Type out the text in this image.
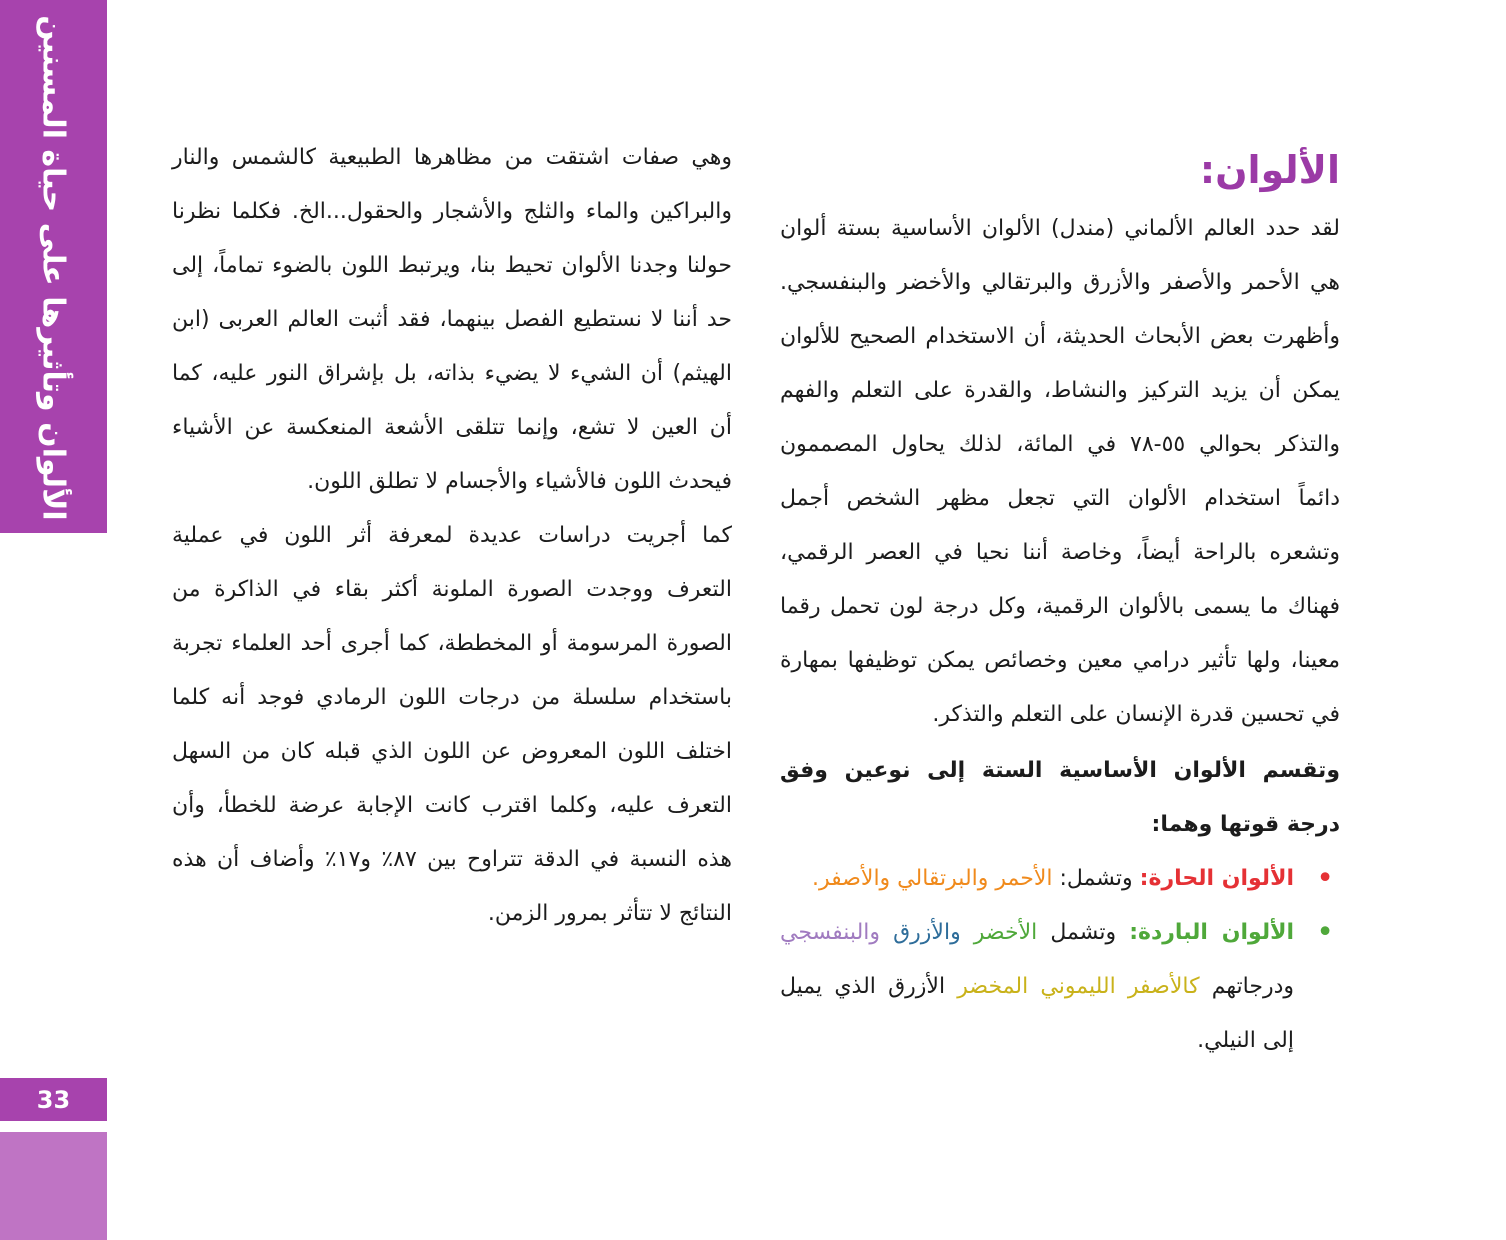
الألوان وتأثيرها على حياة المسنين
33
الألوان:

لقد حدد العالم الألماني (مندل) الألوان الأساسية بستة ألوان هي الأحمر والأصفر والأزرق والبرتقالي والأخضر والبنفسجي. وأظهرت بعض الأبحاث الحديثة، أن الاستخدام الصحيح للألوان يمكن أن يزيد التركيز والنشاط، والقدرة على التعلم والفهم والتذكر بحوالي ٥٥-٧٨ في المائة، لذلك يحاول المصممون دائماً استخدام الألوان التي تجعل مظهر الشخص أجمل وتشعره بالراحة أيضاً، وخاصة أننا نحيا في العصر الرقمي، فهناك ما يسمى بالألوان الرقمية، وكل درجة لون تحمل رقما معينا، ولها تأثير درامي معين وخصائص يمكن توظيفها بمهارة في تحسين قدرة الإنسان على التعلم والتذكر.

وتقسم الألوان الأساسية الستة إلى نوعين وفق درجة قوتها وهما:

•
الألوان الحارة: وتشمل: الأحمر والبرتقالي والأصفر.
•
الألوان الباردة: وتشمل الأخضر والأزرق والبنفسجي ودرجاتهم كالأصفر الليموني المخضر الأزرق الذي يميل إلى النيلي.

وهي صفات اشتقت من مظاهرها الطبيعية كالشمس والنار والبراكين والماء والثلج والأشجار والحقول...الخ. فكلما نظرنا حولنا وجدنا الألوان تحيط بنا، ويرتبط اللون بالضوء تماماً، إلى حد أننا لا نستطيع الفصل بينهما، فقد أثبت العالم العربى (ابن الهيثم) أن الشيء لا يضيء بذاته، بل بإشراق النور عليه، كما أن العين لا تشع، وإنما تتلقى الأشعة المنعكسة عن الأشياء فيحدث اللون فالأشياء والأجسام لا تطلق اللون.

كما أجريت دراسات عديدة لمعرفة أثر اللون في عملية التعرف ووجدت الصورة الملونة أكثر بقاء في الذاكرة من الصورة المرسومة أو المخططة، كما أجرى أحد العلماء تجربة باستخدام سلسلة من درجات اللون الرمادي فوجد أنه كلما اختلف اللون المعروض عن اللون الذي قبله كان من السهل التعرف عليه، وكلما اقترب كانت الإجابة عرضة للخطأ، وأن هذه النسبة في الدقة تتراوح بين ٨٧٪ و١٧٪ وأضاف أن هذه النتائج لا تتأثر بمرور الزمن.
